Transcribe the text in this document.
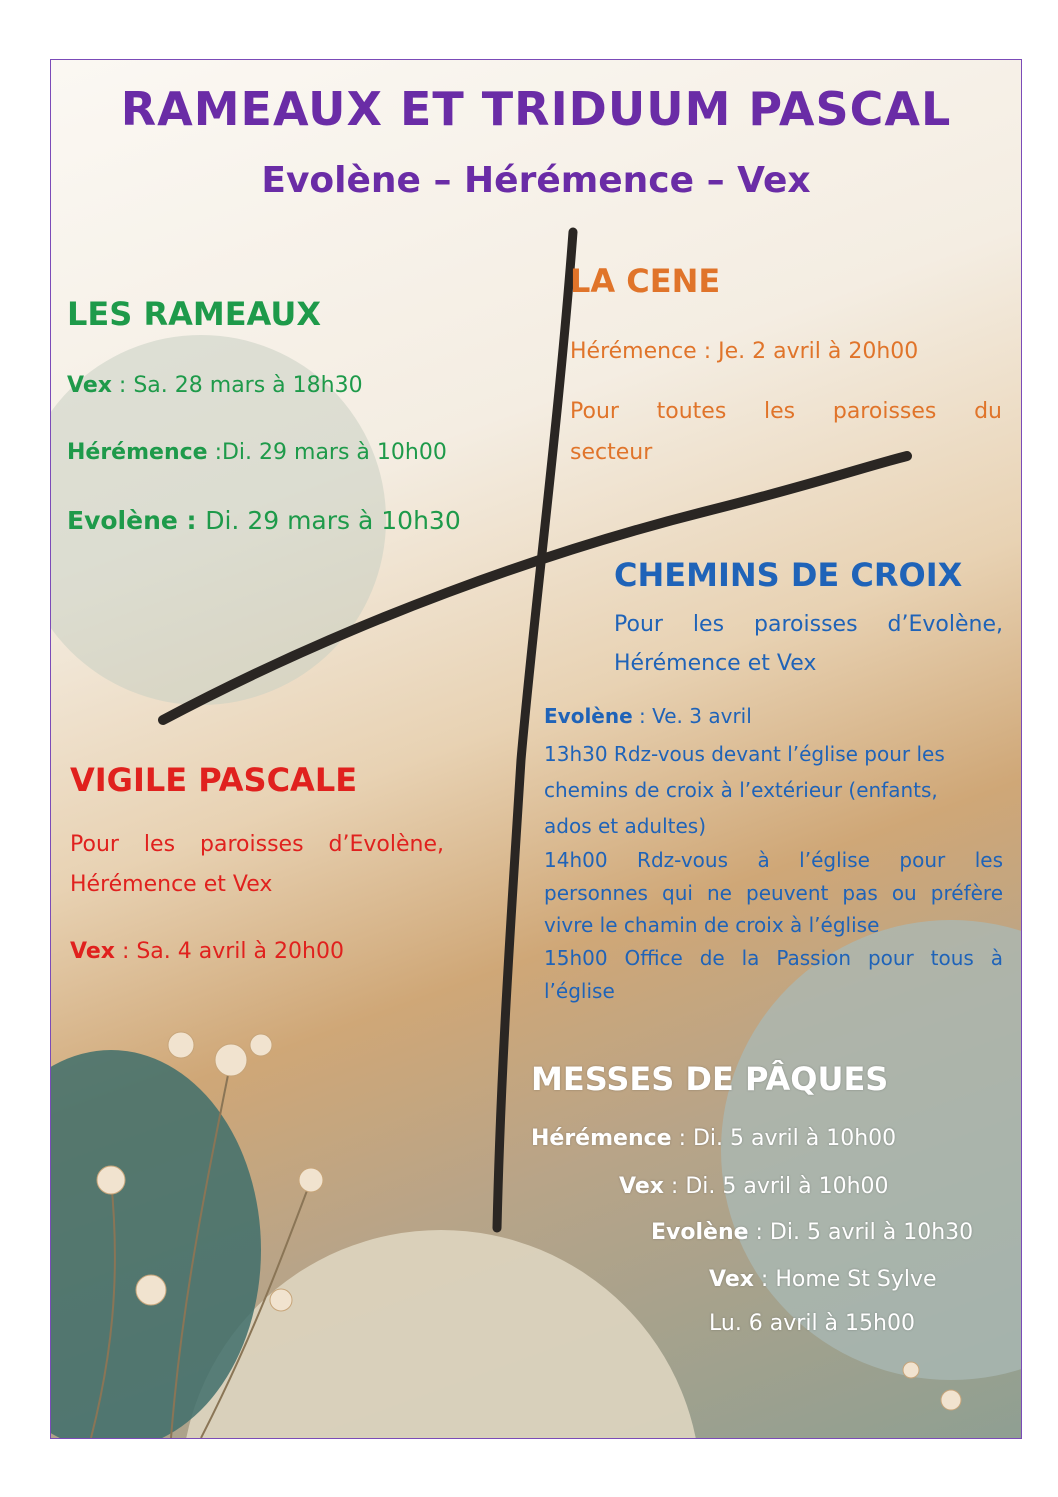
RAMEAUX ET TRIDUUM PASCAL
Evolène – Hérémence – Vex
LES RAMEAUX
Vex : Sa. 28 mars à 18h30
Hérémence :Di. 29 mars à 10h00
Evolène : Di. 29 mars à 10h30
LA CENE
Hérémence : Je. 2 avril à 20h00
Pour toutes les paroisses du
secteur
CHEMINS DE CROIX
Pour les paroisses d’Evolène,
Hérémence et Vex
Evolène : Ve. 3 avril
13h30 Rdz-vous devant l’église pour les
chemins de croix à l’extérieur (enfants,
ados et adultes)
14h00 Rdz-vous à l’église pour les
personnes qui ne peuvent pas ou préfère
vivre le chamin de croix à l’église
15h00 Office de la Passion pour tous à
l’église
VIGILE PASCALE
Pour les paroisses d’Evolène,
Hérémence et Vex
Vex : Sa. 4 avril à 20h00
MESSES DE PÂQUES
Hérémence : Di. 5 avril à 10h00
Vex : Di. 5 avril à 10h00
Evolène : Di. 5 avril à 10h30
Vex : Home St Sylve
Lu. 6 avril à 15h00
